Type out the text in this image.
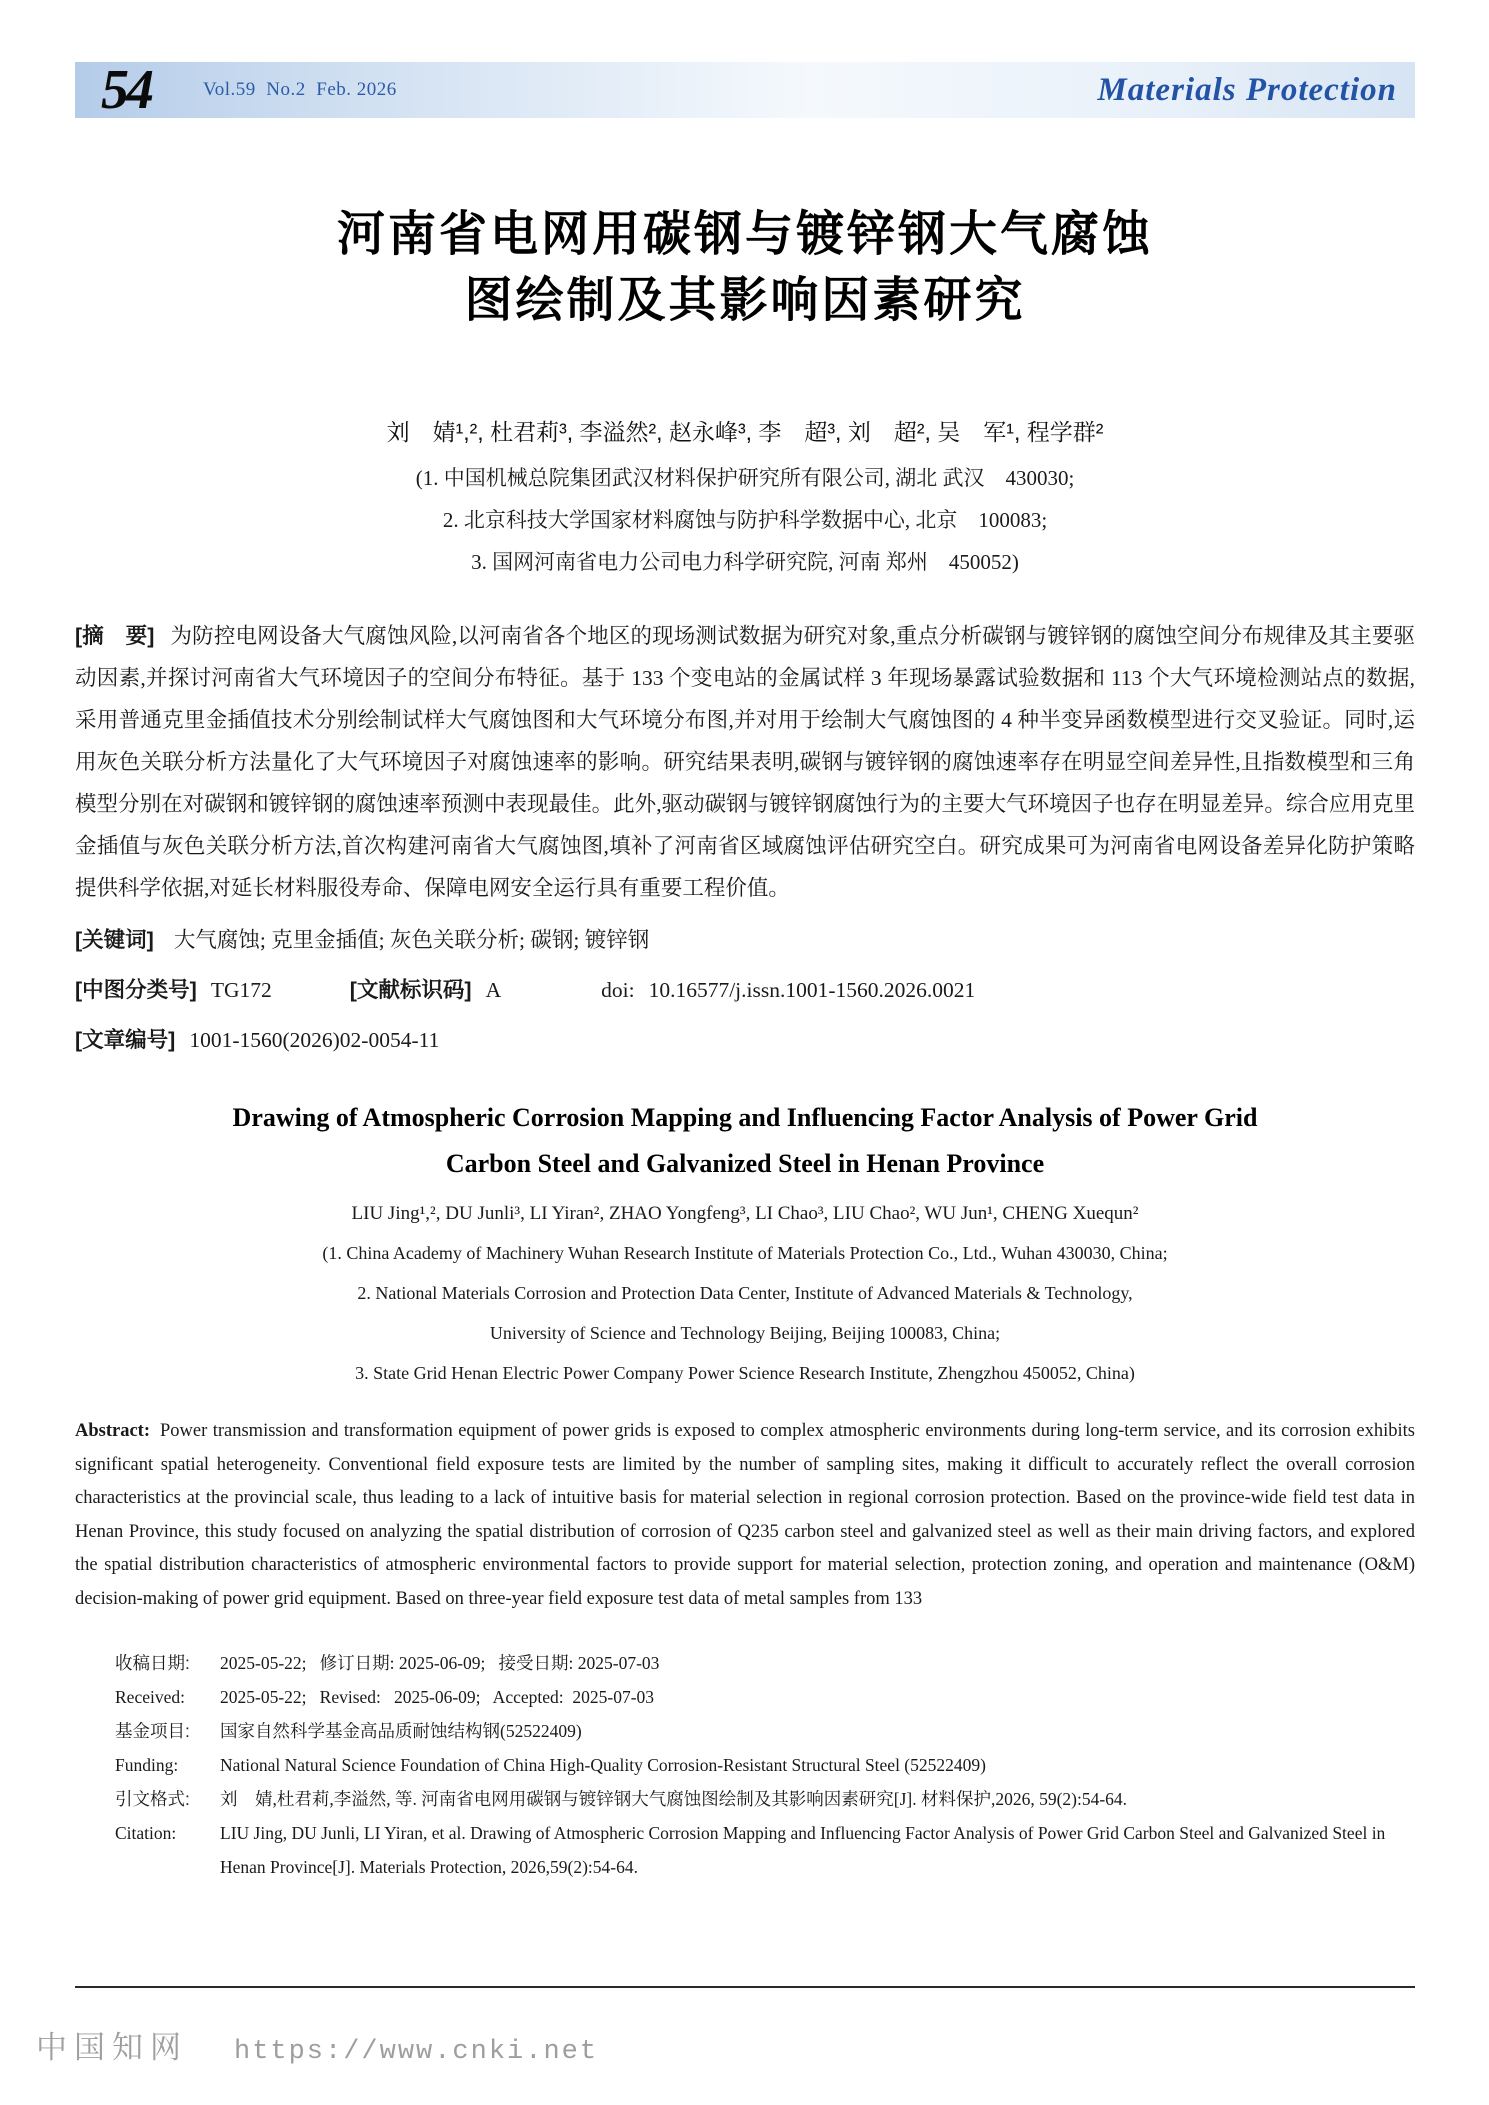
54	Vol.59  No.2  Feb. 2026	Materials Protection
河南省电网用碳钢与镀锌钢大气腐蚀
图绘制及其影响因素研究
刘　婧¹,², 杜君莉³, 李溢然², 赵永峰³, 李　超³, 刘　超², 吴　军¹, 程学群²
(1. 中国机械总院集团武汉材料保护研究所有限公司, 湖北 武汉　430030;
2. 北京科技大学国家材料腐蚀与防护科学数据中心, 北京　100083;
3. 国网河南省电力公司电力科学研究院, 河南 郑州　450052)

[摘　要] 为防控电网设备大气腐蚀风险,以河南省各个地区的现场测试数据为研究对象,重点分析碳钢与镀锌钢的腐蚀空间分布规律及其主要驱动因素,并探讨河南省大气环境因子的空间分布特征。基于 133 个变电站的金属试样 3 年现场暴露试验数据和 113 个大气环境检测站点的数据,采用普通克里金插值技术分别绘制试样大气腐蚀图和大气环境分布图,并对用于绘制大气腐蚀图的 4 种半变异函数模型进行交叉验证。同时,运用灰色关联分析方法量化了大气环境因子对腐蚀速率的影响。研究结果表明,碳钢与镀锌钢的腐蚀速率存在明显空间差异性,且指数模型和三角模型分别在对碳钢和镀锌钢的腐蚀速率预测中表现最佳。此外,驱动碳钢与镀锌钢腐蚀行为的主要大气环境因子也存在明显差异。综合应用克里金插值与灰色关联分析方法,首次构建河南省大气腐蚀图,填补了河南省区域腐蚀评估研究空白。研究成果可为河南省电网设备差异化防护策略提供科学依据,对延长材料服役寿命、保障电网安全运行具有重要工程价值。

[关键词] 大气腐蚀; 克里金插值; 灰色关联分析; 碳钢; 镀锌钢
[中图分类号] TG172	[文献标识码] A	doi: 10.16577/j.issn.1001-1560.2026.0021
[文章编号] 1001-1560(2026)02-0054-11
Drawing of Atmospheric Corrosion Mapping and Influencing Factor Analysis of Power Grid
Carbon Steel and Galvanized Steel in Henan Province
LIU Jing¹,², DU Junli³, LI Yiran², ZHAO Yongfeng³, LI Chao³, LIU Chao², WU Jun¹, CHENG Xuequn²
(1. China Academy of Machinery Wuhan Research Institute of Materials Protection Co., Ltd., Wuhan 430030, China;
2. National Materials Corrosion and Protection Data Center, Institute of Advanced Materials & Technology,
University of Science and Technology Beijing, Beijing 100083, China;
3. State Grid Henan Electric Power Company Power Science Research Institute, Zhengzhou 450052, China)

Abstract: Power transmission and transformation equipment of power grids is exposed to complex atmospheric environments during long-term service, and its corrosion exhibits significant spatial heterogeneity. Conventional field exposure tests are limited by the number of sampling sites, making it difficult to accurately reflect the overall corrosion characteristics at the provincial scale, thus leading to a lack of intuitive basis for material selection in regional corrosion protection. Based on the province-wide field test data in Henan Province, this study focused on analyzing the spatial distribution of corrosion of Q235 carbon steel and galvanized steel as well as their main driving factors, and explored the spatial distribution characteristics of atmospheric environmental factors to provide support for material selection, protection zoning, and operation and maintenance (O&M) decision-making of power grid equipment. Based on three-year field exposure test data of metal samples from 133

收稿日期:	2025-05-22;   修订日期: 2025-06-09;   接受日期: 2025-07-03
Received:	2025-05-22;   Revised:   2025-06-09;   Accepted:  2025-07-03
基金项目:	国家自然科学基金高品质耐蚀结构钢(52522409)
Funding:	National Natural Science Foundation of China High-Quality Corrosion-Resistant Structural Steel (52522409)
引文格式:	刘　婧,杜君莉,李溢然, 等. 河南省电网用碳钢与镀锌钢大气腐蚀图绘制及其影响因素研究[J]. 材料保护,2026, 59(2):54-64.
Citation:	LIU Jing, DU Junli, LI Yiran, et al. Drawing of Atmospheric Corrosion Mapping and Influencing Factor Analysis of Power Grid Carbon Steel and Galvanized Steel in Henan Province[J]. Materials Protection, 2026,59(2):54-64.
中国知网 https://www.cnki.net
